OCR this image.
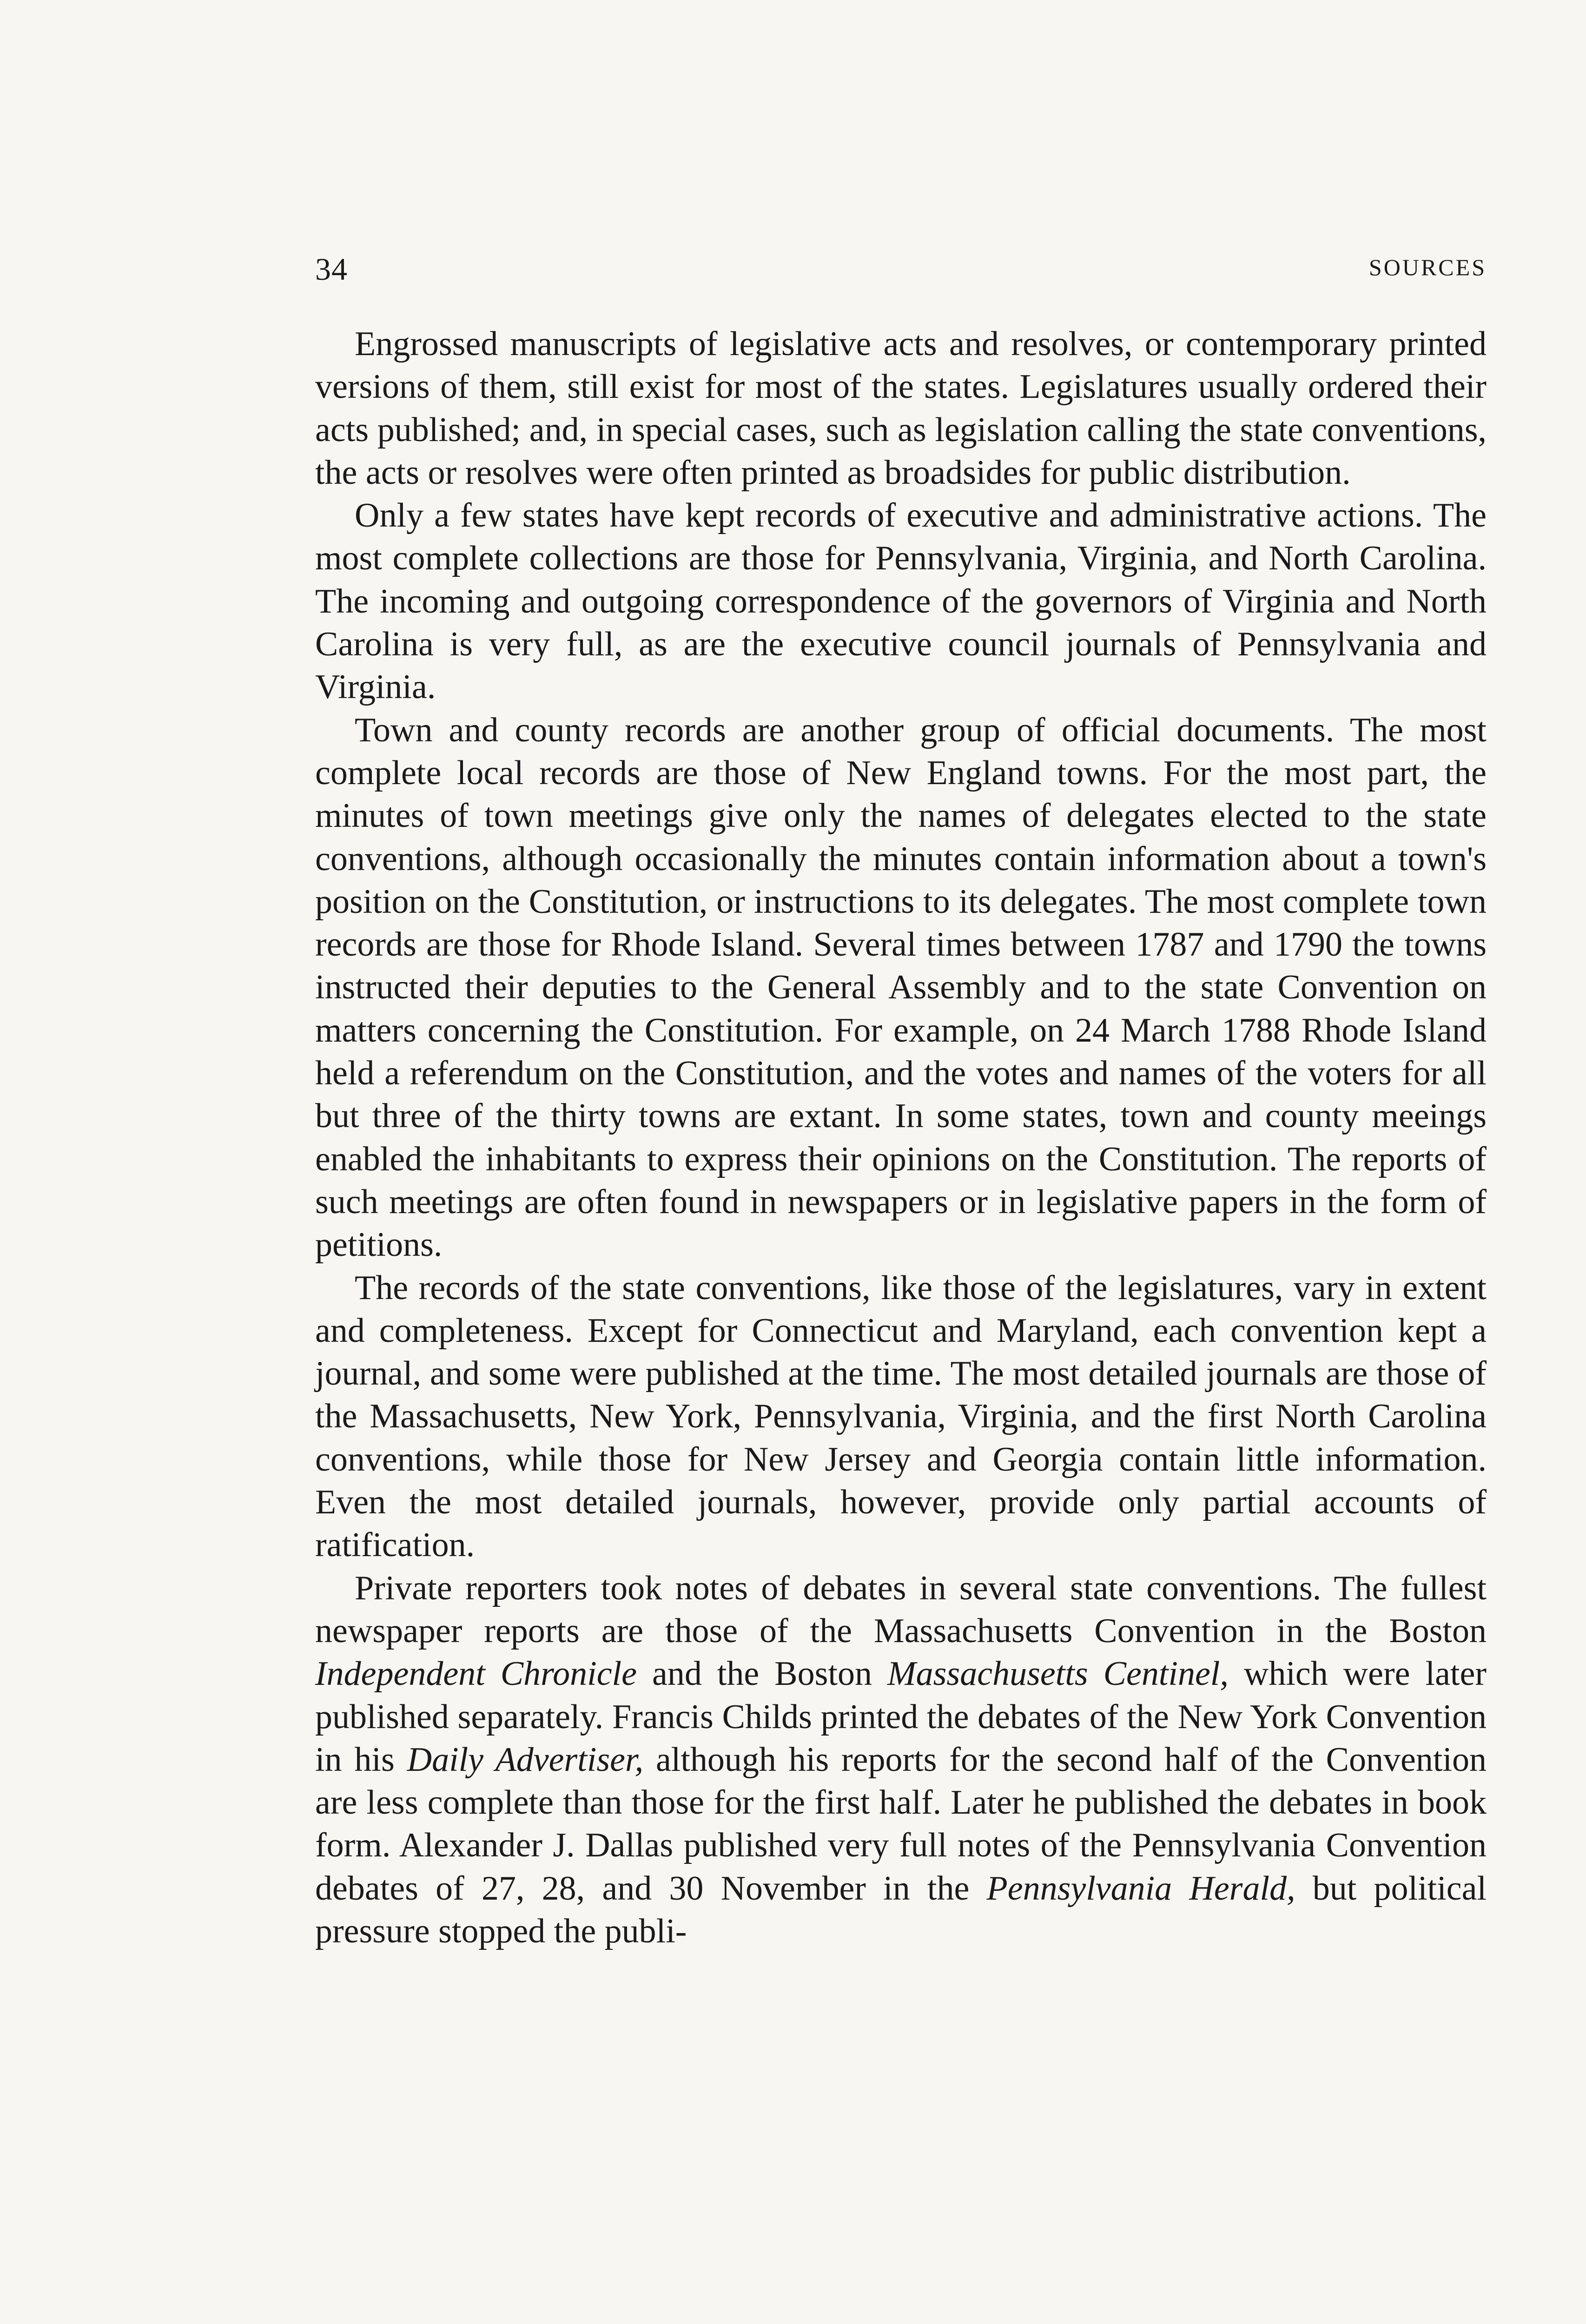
34	SOURCES

Engrossed manuscripts of legislative acts and resolves, or contemporary printed versions of them, still exist for most of the states. Legislatures usually ordered their acts published; and, in special cases, such as legislation calling the state conventions, the acts or resolves were often printed as broadsides for public distribution.

Only a few states have kept records of executive and administrative actions. The most complete collections are those for Pennsylvania, Virginia, and North Carolina. The incoming and outgoing correspondence of the governors of Virginia and North Carolina is very full, as are the executive council journals of Pennsylvania and Virginia.

Town and county records are another group of official documents. The most complete local records are those of New England towns. For the most part, the minutes of town meetings give only the names of delegates elected to the state conventions, although occasionally the minutes contain information about a town's position on the Constitution, or instructions to its delegates. The most complete town records are those for Rhode Island. Several times between 1787 and 1790 the towns instructed their deputies to the General Assembly and to the state Convention on matters concerning the Constitution. For example, on 24 March 1788 Rhode Island held a referendum on the Constitution, and the votes and names of the voters for all but three of the thirty towns are extant. In some states, town and county meeings enabled the inhabitants to express their opinions on the Constitution. The reports of such meetings are often found in newspapers or in legislative papers in the form of petitions.

The records of the state conventions, like those of the legislatures, vary in extent and completeness. Except for Connecticut and Maryland, each convention kept a journal, and some were published at the time. The most detailed journals are those of the Massachusetts, New York, Pennsylvania, Virginia, and the first North Carolina conventions, while those for New Jersey and Georgia contain little information. Even the most detailed journals, however, provide only partial accounts of ratification.

Private reporters took notes of debates in several state conventions. The fullest newspaper reports are those of the Massachusetts Convention in the Boston Independent Chronicle and the Boston Massachusetts Centinel, which were later published separately. Francis Childs printed the debates of the New York Convention in his Daily Advertiser, although his reports for the second half of the Convention are less complete than those for the first half. Later he published the debates in book form. Alexander J. Dallas published very full notes of the Pennsylvania Convention debates of 27, 28, and 30 November in the Pennsylvania Herald, but political pressure stopped the publi-
